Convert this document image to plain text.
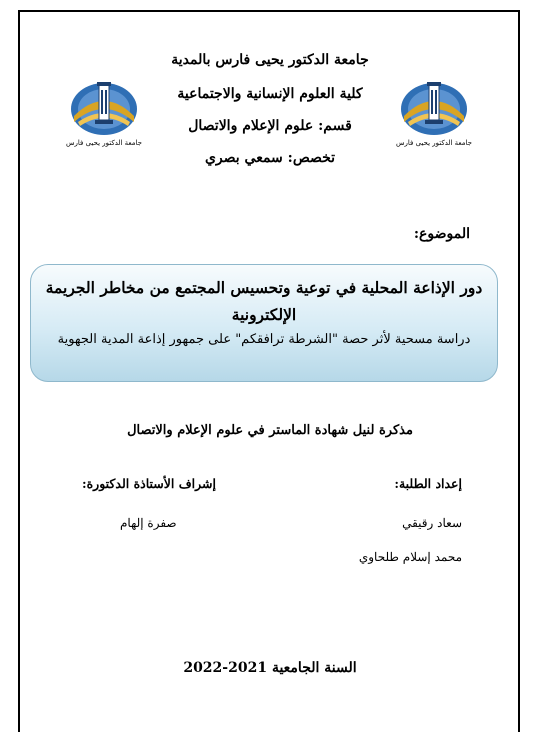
جامعة الدكتور يحيى فارس	جامعة الدكتور يحيى فارس
جامعة الدكتور يحيى فارس بالمدية
كلية العلوم الإنسانية والاجتماعية
قسم: علوم الإعلام والاتصال
تخصص: سمعي بصري
الموضوع:
دور الإذاعة المحلية في توعية وتحسيس المجتمع من مخاطر الجريمة
الإلكترونية
دراسة مسحية لأثر حصة "الشرطة ترافقكم" على جمهور إذاعة المدية الجهوية
مذكرة لنيل شهادة الماستر في علوم الإعلام والاتصال
إعداد الطلبة:
إشراف الأستاذة الدكتورة:
سعاد رقيقي
محمد إسلام طلحاوي
صفرة إلهام
السنة الجامعية 2021-2022
